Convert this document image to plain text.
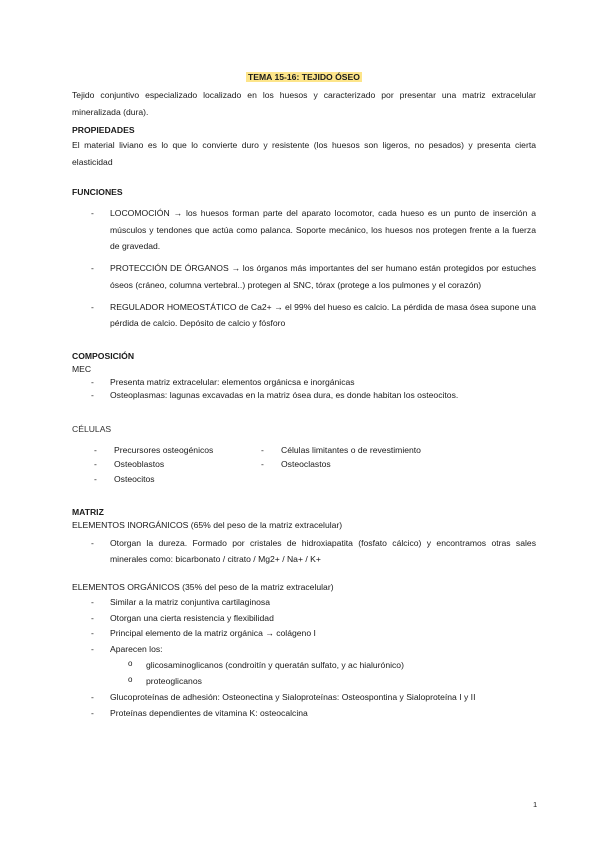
TEMA 15-16: TEJIDO ÓSEO

Tejido conjuntivo especializado localizado en los huesos y caracterizado por presentar una matriz extracelular mineralizada (dura).

PROPIEDADES

El material liviano es lo que lo convierte duro y resistente (los huesos son ligeros, no pesados) y presenta cierta elasticidad

FUNCIONES

- LOCOMOCIÓN → los huesos forman parte del aparato locomotor, cada hueso es un punto de inserción a músculos y tendones que actúa como palanca. Soporte mecánico, los huesos nos protegen frente a la fuerza de gravedad.
- PROTECCIÓN DE ÓRGANOS → los órganos más importantes del ser humano están protegidos por estuches óseos (cráneo, columna vertebral..) protegen al SNC, tórax (protege a los pulmones y el corazón)
- REGULADOR HOMEOSTÁTICO de Ca2+ → el 99% del hueso es calcio. La pérdida de masa ósea supone una pérdida de calcio. Depósito de calcio y fósforo

COMPOSICIÓN

MEC

- Presenta matriz extracelular: elementos orgánicsa e inorgánicas
- Osteoplasmas: lagunas excavadas en la matriz ósea dura, es donde habitan los osteocitos.

CÉLULAS

- Precursores osteogénicos	- Células limitantes o de revestimiento
- Osteoblastos	- Osteoclastos
- Osteocitos

MATRIZ

ELEMENTOS INORGÁNICOS (65% del peso de la matriz extracelular)

- Otorgan la dureza. Formado por cristales de hidroxiapatita (fosfato cálcico) y encontramos otras sales minerales como: bicarbonato / citrato / Mg2+ / Na+ / K+

ELEMENTOS ORGÁNICOS (35% del peso de la matriz extracelular)

- Similar a la matriz conjuntiva cartilaginosa
- Otorgan una cierta resistencia y flexibilidad
- Principal elemento de la matriz orgánica → colágeno I
- Aparecen los:
o glicosaminoglicanos (condroitín y queratán sulfato, y ac hialurónico)
o proteoglicanos
- Glucoproteínas de adhesión: Osteonectina y Sialoproteínas: Osteospontina y Sialoproteína I y II
- Proteínas dependientes de vitamina K: osteocalcina
1
